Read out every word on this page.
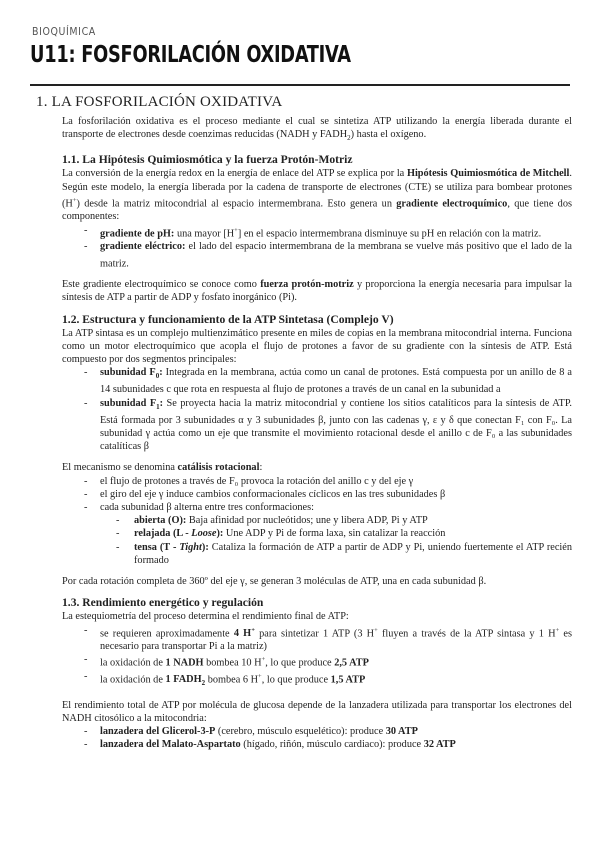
BIOQUÍMICA
U11: FOSFORILACIÓN OXIDATIVA
1. LA FOSFORILACIÓN OXIDATIVA

La fosforilación oxidativa es el proceso mediante el cual se sintetiza ATP utilizando la energía liberada durante el transporte de electrones desde coenzimas reducidas (NADH y $FADH_2$) hasta el oxígeno.

1.1. La Hipótesis Quimiosmótica y la fuerza Protón-Motriz

La conversión de la energía redox en la energía de enlace del ATP se explica por la Hipótesis Quimiosmótica de Mitchell. Según este modelo, la energía liberada por la cadena de transporte de electrones (CTE) se utiliza para bombear protones (H+) desde la matriz mitocondrial al espacio intermembrana. Esto genera un gradiente electroquímico, que tiene dos componentes:

- gradiente de pH: una mayor [H+] en el espacio intermembrana disminuye su pH en relación con la matriz.
- gradiente eléctrico: el lado del espacio intermembrana de la membrana se vuelve más positivo que el lado de la matriz.

Este gradiente electroquímico se conoce como fuerza protón-motriz y proporciona la energía necesaria para impulsar la síntesis de ATP a partir de ADP y fosfato inorgánico (Pi).

1.2. Estructura y funcionamiento de la ATP Sintetasa (Complejo V)

La ATP sintasa es un complejo multienzimático presente en miles de copias en la membrana mitocondrial interna. Funciona como un motor electroquímico que acopla el flujo de protones a favor de su gradiente con la síntesis de ATP. Está compuesto por dos segmentos principales:

- subunidad $F_0$: Integrada en la membrana, actúa como un canal de protones. Está compuesta por un anillo de 8 a 14 subunidades c que rota en respuesta al flujo de protones a través de un canal en la subunidad a
- subunidad $F_1$: Se proyecta hacia la matriz mitocondrial y contiene los sitios catalíticos para la síntesis de ATP. Está formada por 3 subunidades α y 3 subunidades β, junto con las cadenas γ, ε y δ que conectan F₁ con F₀. La subunidad γ actúa como un eje que transmite el movimiento rotacional desde el anillo c de F₀ a las subunidades catalíticas β

El mecanismo se denomina catálisis rotacional:

- el flujo de protones a través de F₀ provoca la rotación del anillo c y del eje γ
- el giro del eje γ induce cambios conformacionales cíclicos en las tres subunidades β
- cada subunidad β alterna entre tres conformaciones:
- abierta (O): Baja afinidad por nucleótidos; une y libera ADP, Pi y ATP
- relajada (L - Loose): Une ADP y Pi de forma laxa, sin catalizar la reacción
- tensa (T - Tight): Cataliza la formación de ATP a partir de ADP y Pi, uniendo fuertemente el ATP recién formado

Por cada rotación completa de 360º del eje γ, se generan 3 moléculas de ATP, una en cada subunidad β.

1.3. Rendimiento energético y regulación

La estequiometría del proceso determina el rendimiento final de ATP:

- se requieren aproximadamente 4 H+ para sintetizar 1 ATP (3 H+ fluyen a través de la ATP sintasa y 1 H+ es necesario para transportar Pi a la matriz)
- la oxidación de 1 NADH bombea 10 H+, lo que produce 2,5 ATP
- la oxidación de 1 $FADH_2$ bombea 6 H+, lo que produce 1,5 ATP

El rendimiento total de ATP por molécula de glucosa depende de la lanzadera utilizada para transportar los electrones del NADH citosólico a la mitocondria:

- lanzadera del Glicerol-3-P (cerebro, músculo esquelético): produce 30 ATP
- lanzadera del Malato-Aspartato (hígado, riñón, músculo cardiaco): produce 32 ATP
